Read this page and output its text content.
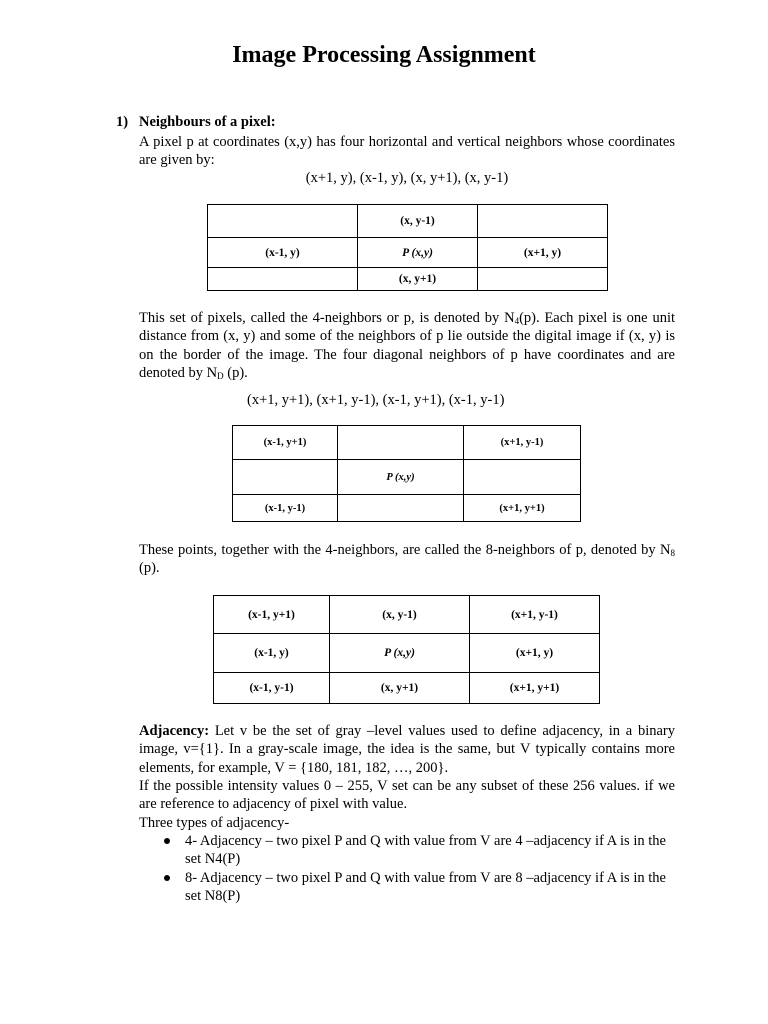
Image Processing Assignment
1) Neighbours of a pixel:

A pixel p at coordinates (x,y) has four horizontal and vertical neighbors whose coordinates are given by:

(x+1, y), (x-1, y), (x, y+1), (x, y-1)
	(x, y-1)	
(x-1, y)	P (x,y)	(x+1, y)
	(x, y+1)	

This set of pixels, called the 4-neighbors or p, is denoted by $N_4(p)$. Each pixel is one unit distance from (x, y) and some of the neighbors of p lie outside the digital image if (x, y) is on the border of the image. The four diagonal neighbors of p have coordinates and are denoted by $N_D$ (p).

(x+1, y+1), (x+1, y-1), (x-1, y+1), (x-1, y-1)
(x-1, y+1)		(x+1, y-1)
	P (x,y)	
(x-1, y-1)		(x+1, y+1)

These points, together with the 4-neighbors, are called the 8-neighbors of p, denoted by $N_8$ (p).

(x-1, y+1)	(x, y-1)	(x+1, y-1)
(x-1, y)	P (x,y)	(x+1, y)
(x-1, y-1)	(x, y+1)	(x+1, y+1)

Adjacency: Let v be the set of gray –level values used to define adjacency, in a binary image, v={1}. In a gray-scale image, the idea is the same, but V typically contains more elements, for example, V = {180, 181, 182, …, 200}.

If the possible intensity values 0 – 255, V set can be any subset of these 256 values. if we are reference to adjacency of pixel with value.

Three types of adjacency-

4- Adjacency – two pixel P and Q with value from V are 4 –adjacency if A is in the set N4(P)
8- Adjacency – two pixel P and Q with value from V are 8 –adjacency if A is in the set N8(P)
